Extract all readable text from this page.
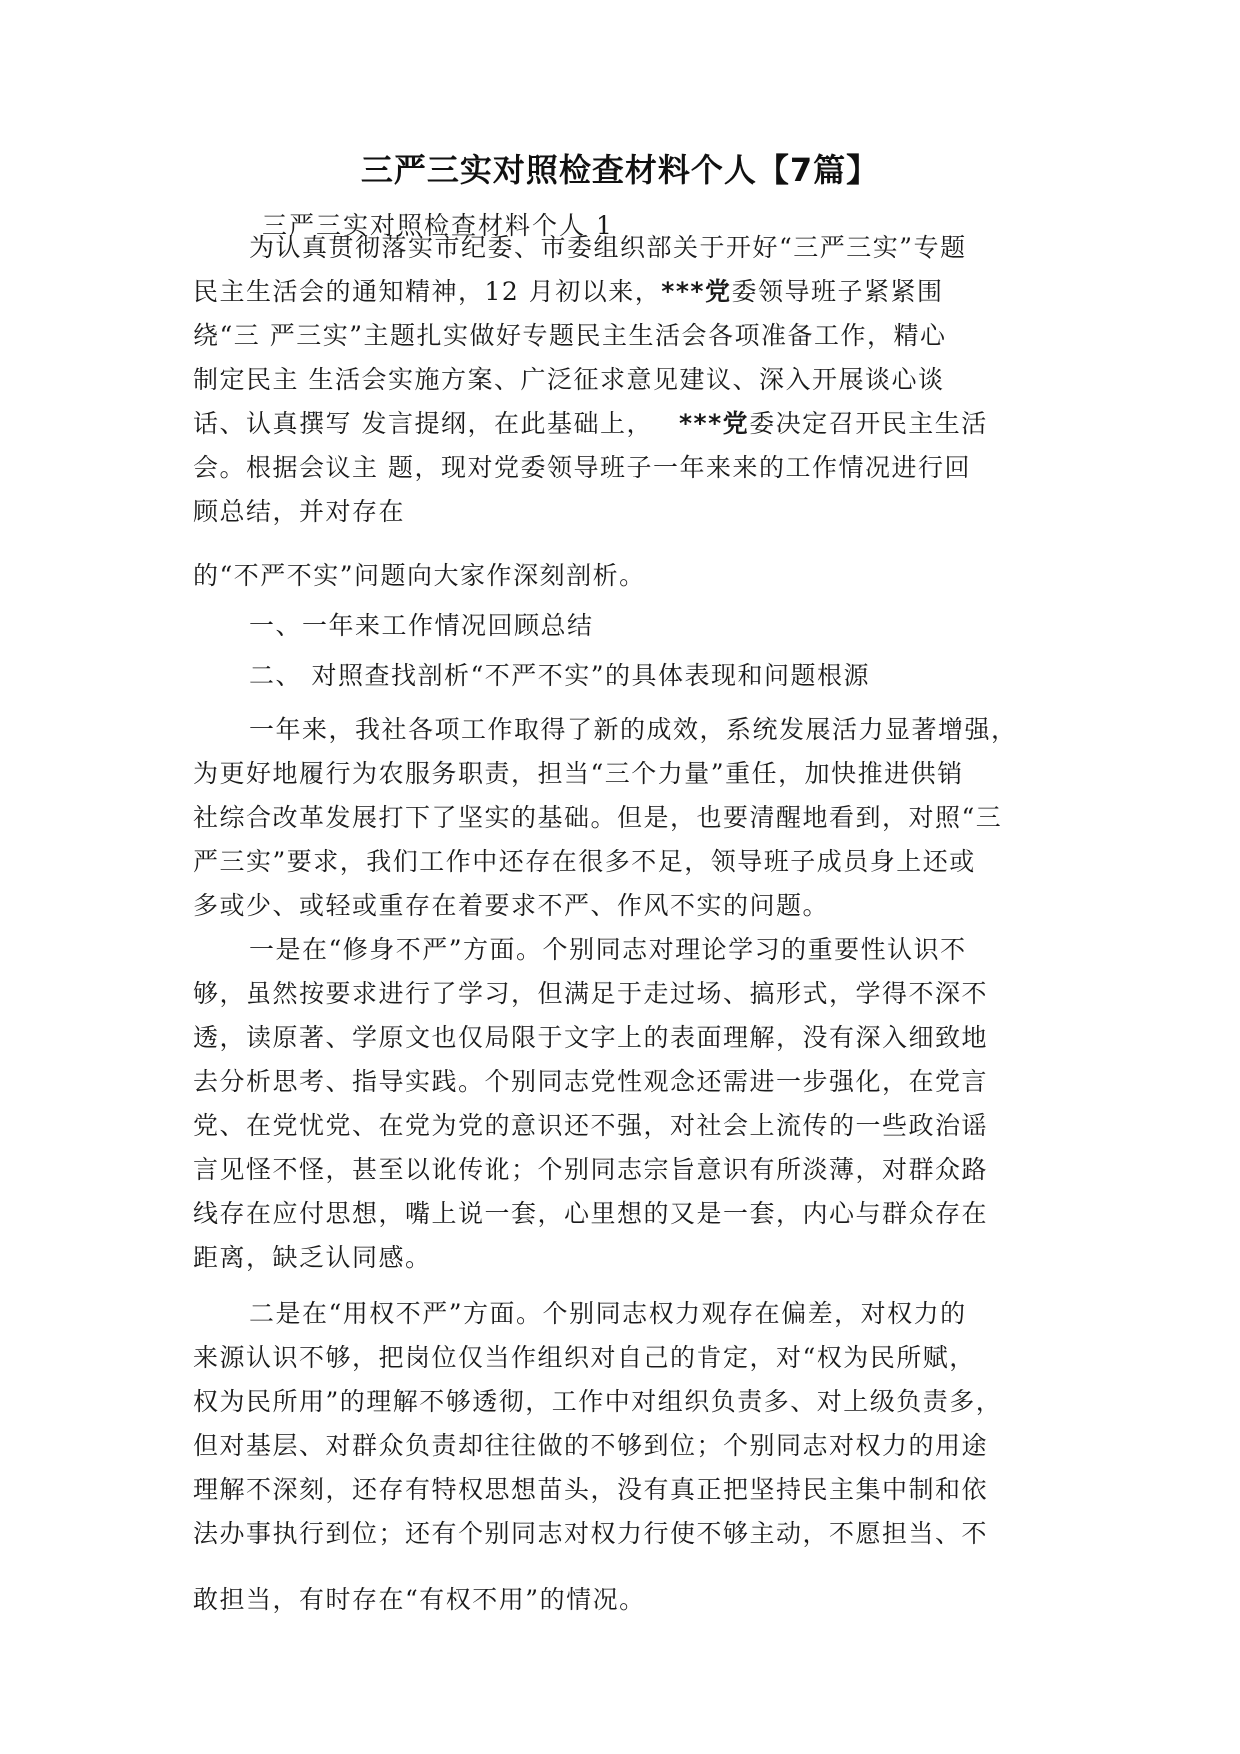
三严三实对照检查材料个人【7篇】
三严三实对照检查材料个人 1
为认真贯彻落实市纪委、市委组织部关于开好“三严三实”专题
民主生活会的通知精神，12 月初以来，***党委领导班子紧紧围
绕“三 严三实”主题扎实做好专题民主生活会各项准备工作，精心
制定民主 生活会实施方案、广泛征求意见建议、深入开展谈心谈
话、认真撰写 发言提纲，在此基础上， ***党委决定召开民主生活
会。根据会议主 题，现对党委领导班子一年来来的工作情况进行回
顾总结，并对存在
的“不严不实”问题向大家作深刻剖析。
一、一年来工作情况回顾总结
二、 对照查找剖析“不严不实”的具体表现和问题根源
一年来，我社各项工作取得了新的成效，系统发展活力显著增强，
为更好地履行为农服务职责，担当“三个力量”重任，加快推进供销
社综合改革发展打下了坚实的基础。但是，也要清醒地看到，对照“三
严三实”要求，我们工作中还存在很多不足，领导班子成员身上还或
多或少、或轻或重存在着要求不严、作风不实的问题。
一是在“修身不严”方面。个别同志对理论学习的重要性认识不
够，虽然按要求进行了学习，但满足于走过场、搞形式，学得不深不
透，读原著、学原文也仅局限于文字上的表面理解，没有深入细致地
去分析思考、指导实践。个别同志党性观念还需进一步强化，在党言
党、在党忧党、在党为党的意识还不强，对社会上流传的一些政治谣
言见怪不怪，甚至以讹传讹；个别同志宗旨意识有所淡薄，对群众路
线存在应付思想，嘴上说一套，心里想的又是一套，内心与群众存在
距离，缺乏认同感。
二是在“用权不严”方面。个别同志权力观存在偏差，对权力的
来源认识不够，把岗位仅当作组织对自己的肯定，对“权为民所赋，
权为民所用”的理解不够透彻，工作中对组织负责多、对上级负责多，
但对基层、对群众负责却往往做的不够到位；个别同志对权力的用途
理解不深刻，还存有特权思想苗头，没有真正把坚持民主集中制和依
法办事执行到位；还有个别同志对权力行使不够主动，不愿担当、不
敢担当，有时存在“有权不用”的情况。
